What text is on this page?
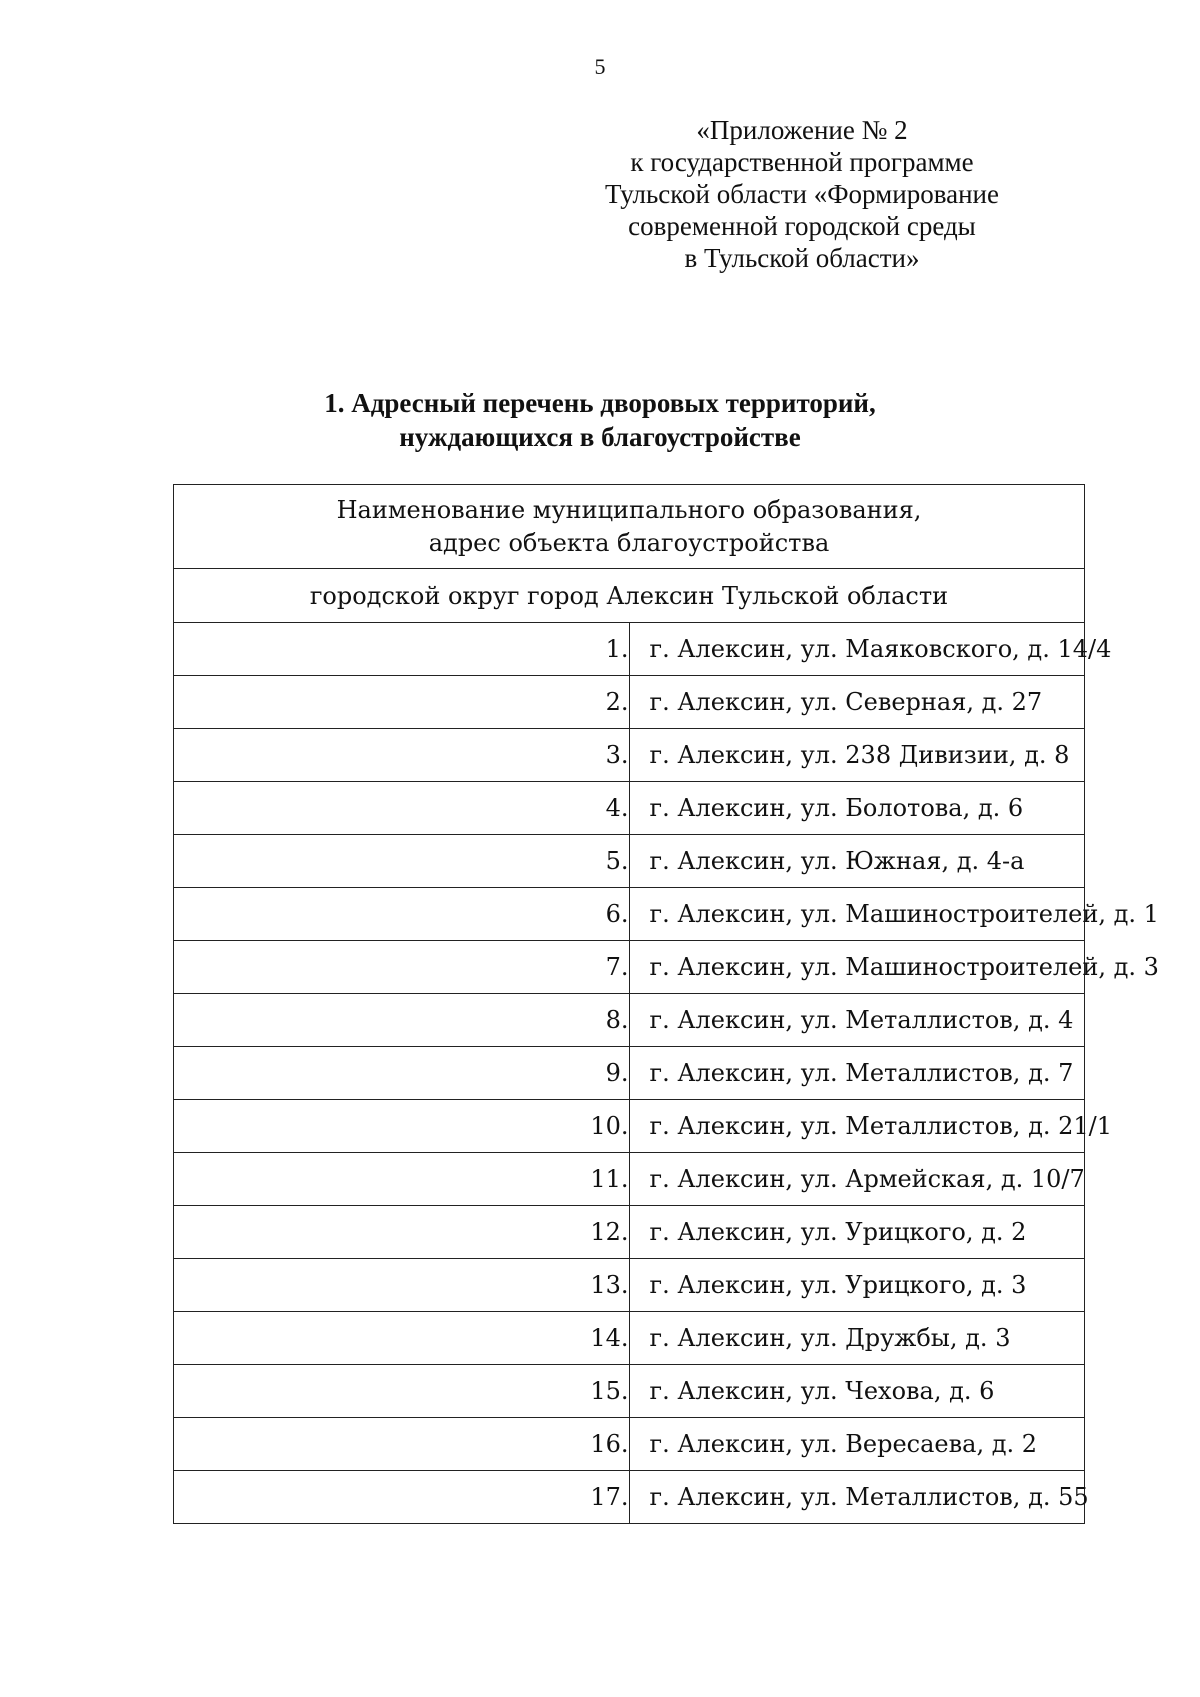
5
«Приложение № 2
к государственной программе
Тульской области «Формирование
современной городской среды
в Тульской области»
1. Адресный перечень дворовых территорий,
нуждающихся в благоустройстве
Наименование муниципального образования,
адрес объекта благоустройства	

городской округ город Алексин Тульской области	
1.	г. Алексин, ул. Маяковского, д. 14/4
2.	г. Алексин, ул. Северная, д. 27
3.	г. Алексин, ул. 238 Дивизии, д. 8
4.	г. Алексин, ул. Болотова, д. 6
5.	г. Алексин, ул. Южная, д. 4-а
6.	г. Алексин, ул. Машиностроителей, д. 1
7.	г. Алексин, ул. Машиностроителей, д. 3
8.	г. Алексин, ул. Металлистов, д. 4
9.	г. Алексин, ул. Металлистов, д. 7
10.	г. Алексин, ул. Металлистов, д. 21/1
11.	г. Алексин, ул. Армейская, д. 10/7
12.	г. Алексин, ул. Урицкого, д. 2
13.	г. Алексин, ул. Урицкого, д. 3
14.	г. Алексин, ул. Дружбы, д. 3
15.	г. Алексин, ул. Чехова, д. 6
16.	г. Алексин, ул. Вересаева, д. 2
17.	г. Алексин, ул. Металлистов, д. 55
